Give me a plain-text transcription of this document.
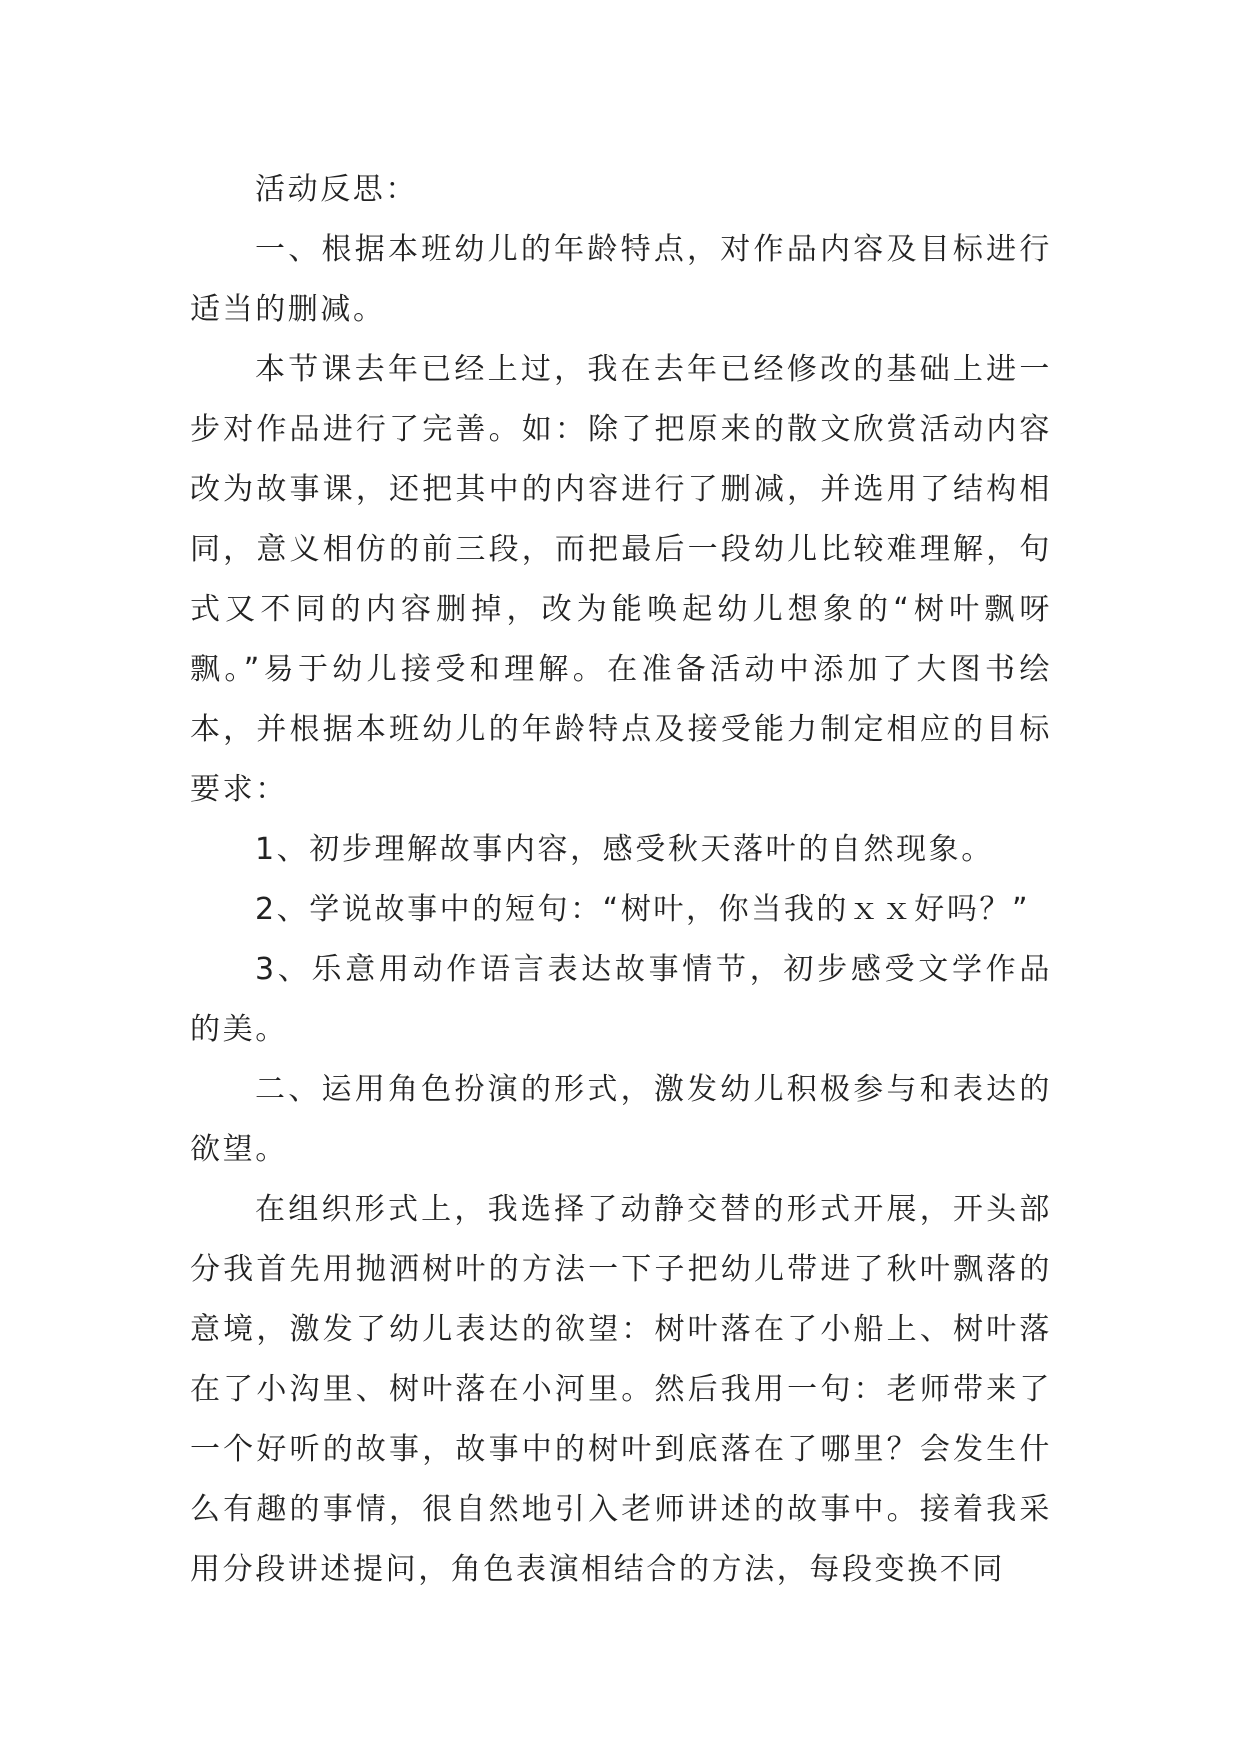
活动反思：

一、根据本班幼儿的年龄特点，对作品内容及目标进行适当的删减。

本节课去年已经上过，我在去年已经修改的基础上进一步对作品进行了完善。如：除了把原来的散文欣赏活动内容改为故事课，还把其中的内容进行了删减，并选用了结构相同，意义相仿的前三段，而把最后一段幼儿比较难理解，句式又不同的内容删掉，改为能唤起幼儿想象的“树叶飘呀飘。”易于幼儿接受和理解。在准备活动中添加了大图书绘本，并根据本班幼儿的年龄特点及接受能力制定相应的目标要求：

1、初步理解故事内容，感受秋天落叶的自然现象。

2、学说故事中的短句：“树叶，你当我的ｘｘ好吗？”

3、乐意用动作语言表达故事情节，初步感受文学作品的美。

二、运用角色扮演的形式，激发幼儿积极参与和表达的欲望。

在组织形式上，我选择了动静交替的形式开展，开头部分我首先用抛洒树叶的方法一下子把幼儿带进了秋叶飘落的意境，激发了幼儿表达的欲望：树叶落在了小船上、树叶落在了小沟里、树叶落在小河里。然后我用一句：老师带来了一个好听的故事，故事中的树叶到底落在了哪里？会发生什么有趣的事情，很自然地引入老师讲述的故事中。接着我采用分段讲述提问，角色表演相结合的方法，每段变换不同
